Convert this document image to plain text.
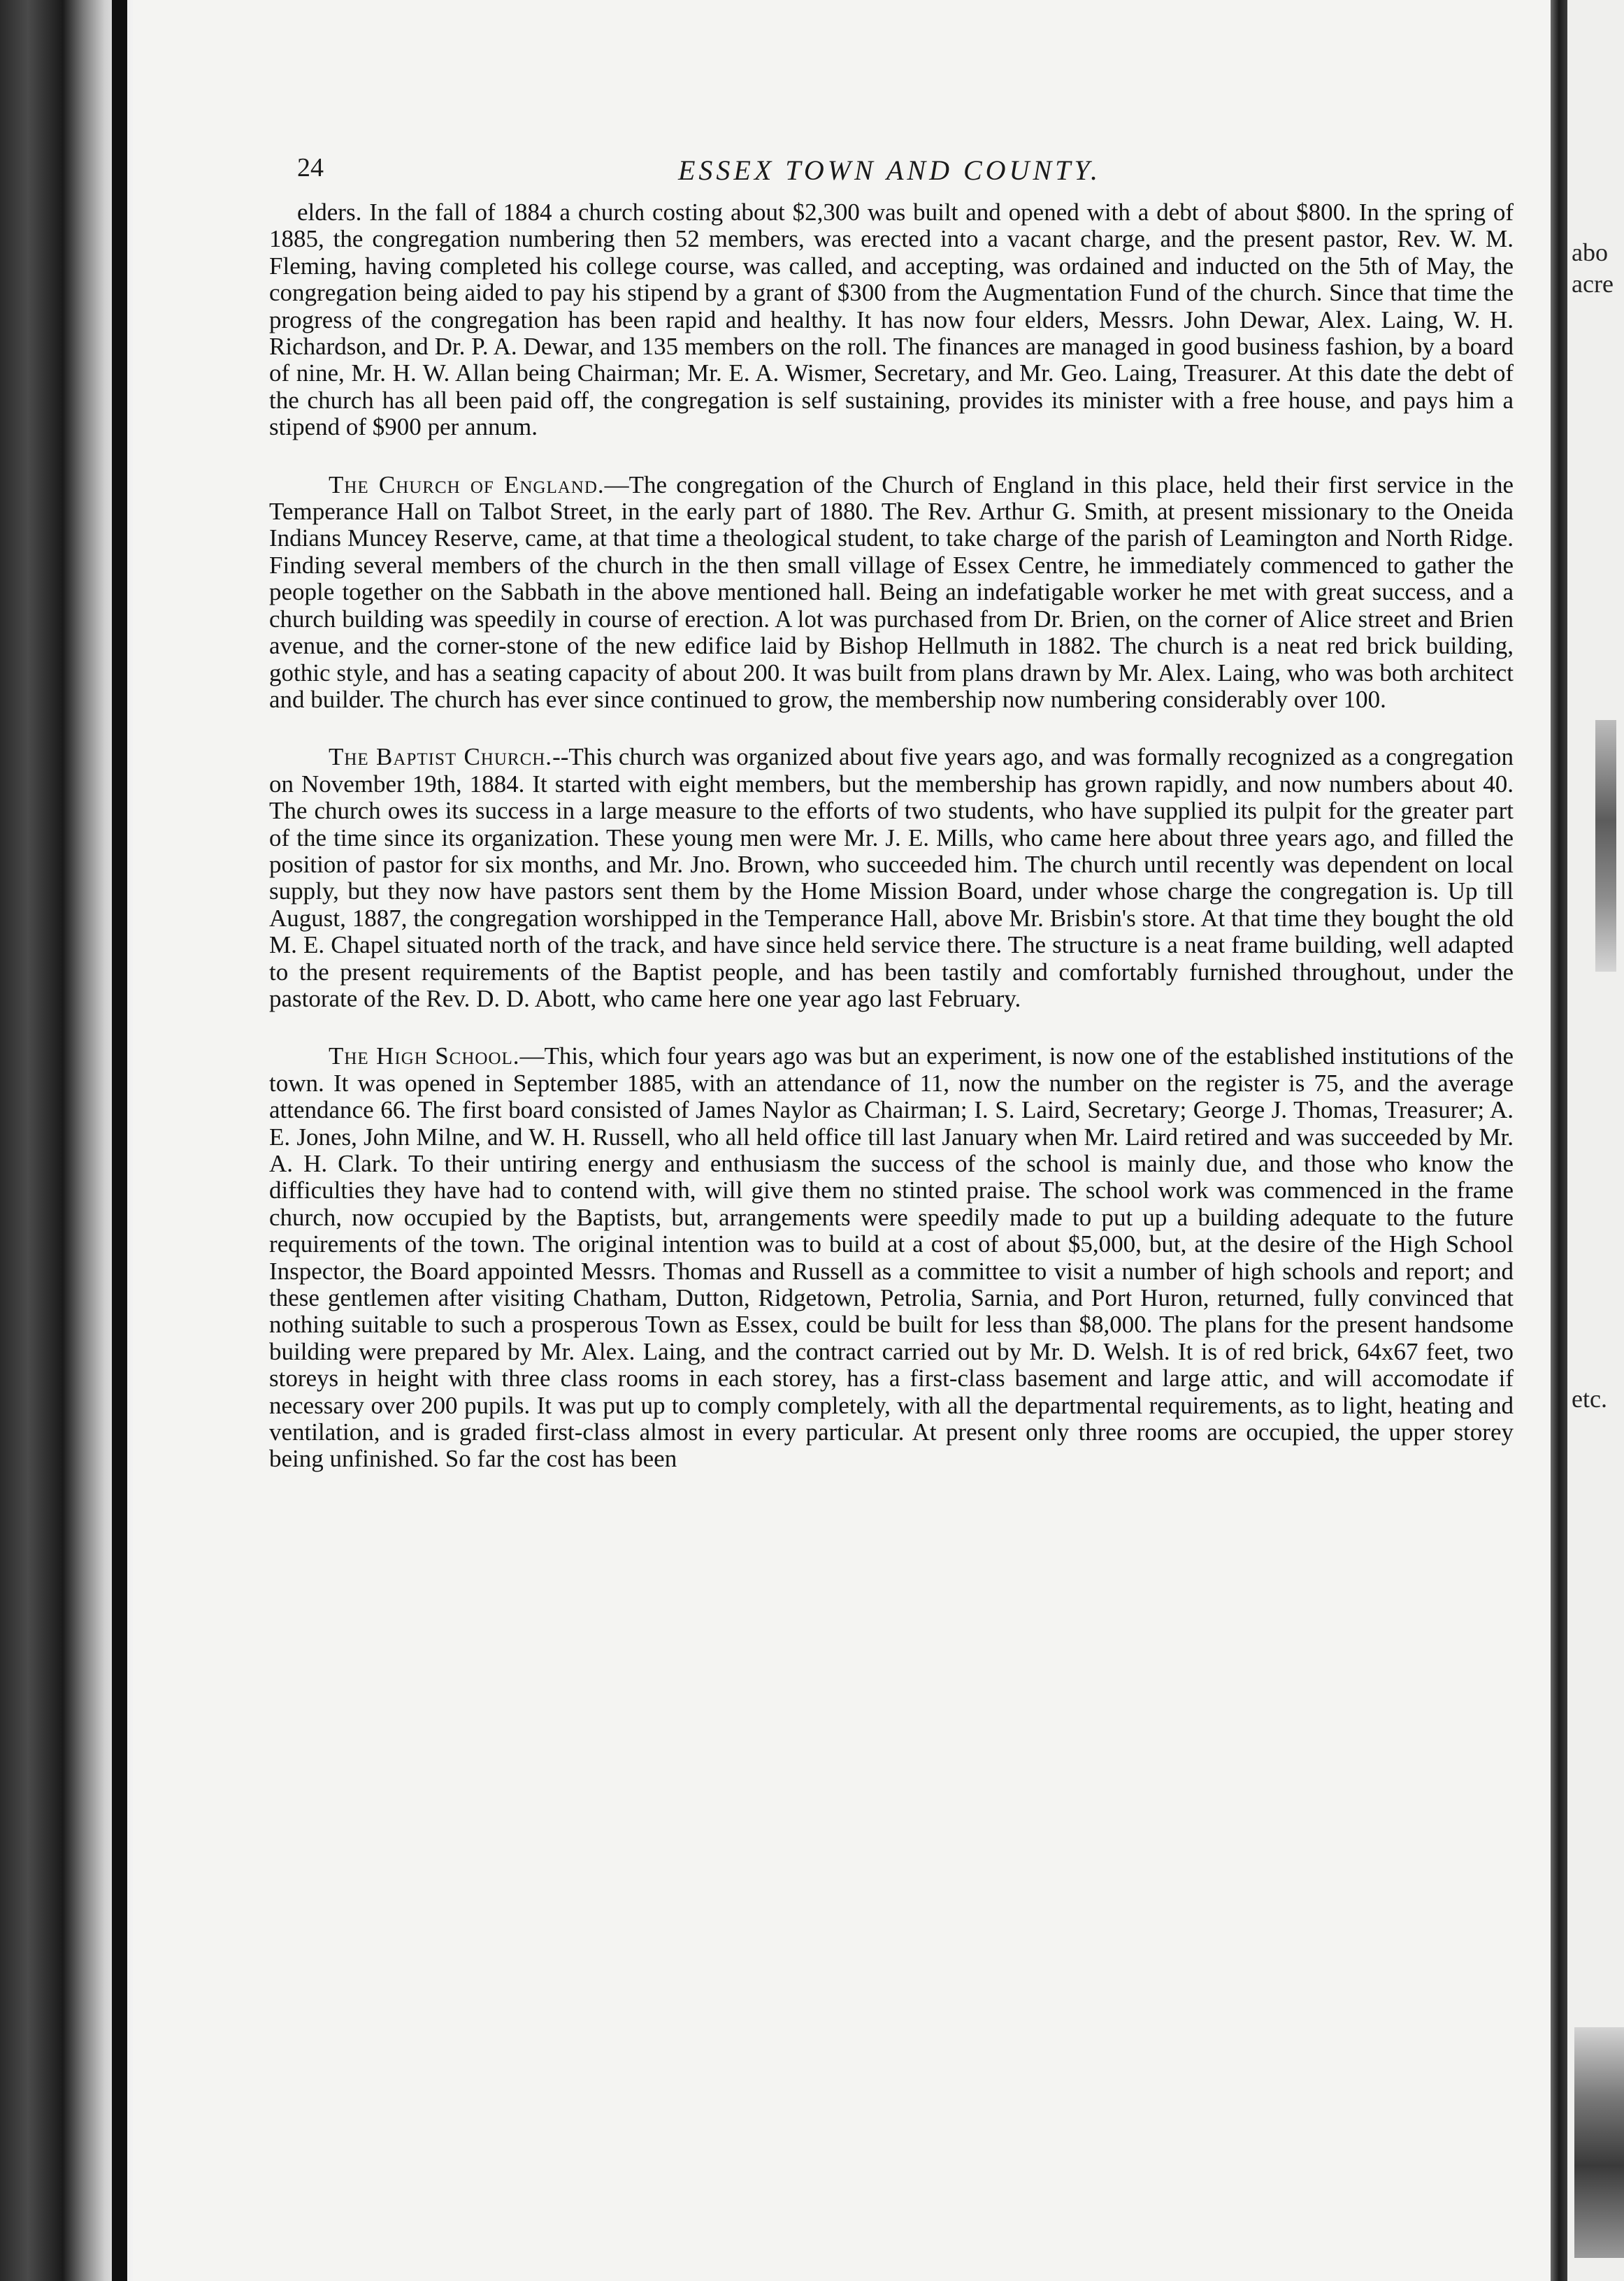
abo
acre
etc.
24	ESSEX TOWN AND COUNTY.

elders. In the fall of 1884 a church costing about $2,300 was built and opened with a debt of about $800. In the spring of 1885, the congregation numbering then 52 members, was erected into a vacant charge, and the present pastor, Rev. W. M. Fleming, having completed his college course, was called, and accepting, was ordained and inducted on the 5th of May, the congregation being aided to pay his stipend by a grant of $300 from the Augmentation Fund of the church. Since that time the progress of the congregation has been rapid and healthy. It has now four elders, Messrs. John Dewar, Alex. Laing, W. H. Richardson, and Dr. P. A. Dewar, and 135 members on the roll. The finances are managed in good business fashion, by a board of nine, Mr. H. W. Allan being Chairman; Mr. E. A. Wismer, Secretary, and Mr. Geo. Laing, Treasurer. At this date the debt of the church has all been paid off, the congregation is self sustaining, provides its minister with a free house, and pays him a stipend of $900 per annum.

The Church of England.—The congregation of the Church of England in this place, held their first service in the Temperance Hall on Talbot Street, in the early part of 1880. The Rev. Arthur G. Smith, at present missionary to the Oneida Indians Muncey Reserve, came, at that time a theological student, to take charge of the parish of Leamington and North Ridge. Finding several members of the church in the then small village of Essex Centre, he immediately commenced to gather the people together on the Sabbath in the above mentioned hall. Being an indefatigable worker he met with great success, and a church building was speedily in course of erection. A lot was purchased from Dr. Brien, on the corner of Alice street and Brien avenue, and the corner-stone of the new edifice laid by Bishop Hellmuth in 1882. The church is a neat red brick building, gothic style, and has a seating capacity of about 200. It was built from plans drawn by Mr. Alex. Laing, who was both architect and builder. The church has ever since continued to grow, the membership now numbering considerably over 100.

The Baptist Church.--This church was organized about five years ago, and was formally recognized as a congregation on November 19th, 1884. It started with eight members, but the membership has grown rapidly, and now numbers about 40. The church owes its success in a large measure to the efforts of two students, who have supplied its pulpit for the greater part of the time since its organization. These young men were Mr. J. E. Mills, who came here about three years ago, and filled the position of pastor for six months, and Mr. Jno. Brown, who succeeded him. The church until recently was dependent on local supply, but they now have pastors sent them by the Home Mission Board, under whose charge the congregation is. Up till August, 1887, the congregation worshipped in the Temperance Hall, above Mr. Brisbin's store. At that time they bought the old M. E. Chapel situated north of the track, and have since held service there. The structure is a neat frame building, well adapted to the present requirements of the Baptist people, and has been tastily and comfortably furnished throughout, under the pastorate of the Rev. D. D. Abott, who came here one year ago last February.

The High School.—This, which four years ago was but an experiment, is now one of the established institutions of the town. It was opened in September 1885, with an attendance of 11, now the number on the register is 75, and the average attendance 66. The first board consisted of James Naylor as Chairman; I. S. Laird, Secretary; George J. Thomas, Treasurer; A. E. Jones, John Milne, and W. H. Russell, who all held office till last January when Mr. Laird retired and was succeeded by Mr. A. H. Clark. To their untiring energy and enthusiasm the success of the school is mainly due, and those who know the difficulties they have had to contend with, will give them no stinted praise. The school work was commenced in the frame church, now occupied by the Baptists, but, arrangements were speedily made to put up a building adequate to the future requirements of the town. The original intention was to build at a cost of about $5,000, but, at the desire of the High School Inspector, the Board appointed Messrs. Thomas and Russell as a committee to visit a number of high schools and report; and these gentlemen after visiting Chatham, Dutton, Ridgetown, Petrolia, Sarnia, and Port Huron, returned, fully convinced that nothing suitable to such a prosperous Town as Essex, could be built for less than $8,000. The plans for the present handsome building were prepared by Mr. Alex. Laing, and the contract carried out by Mr. D. Welsh. It is of red brick, 64x67 feet, two storeys in height with three class rooms in each storey, has a first-class basement and large attic, and will accomodate if necessary over 200 pupils. It was put up to comply completely, with all the departmental requirements, as to light, heating and ventilation, and is graded first-class almost in every particular. At present only three rooms are occupied, the upper storey being unfinished. So far the cost has been
